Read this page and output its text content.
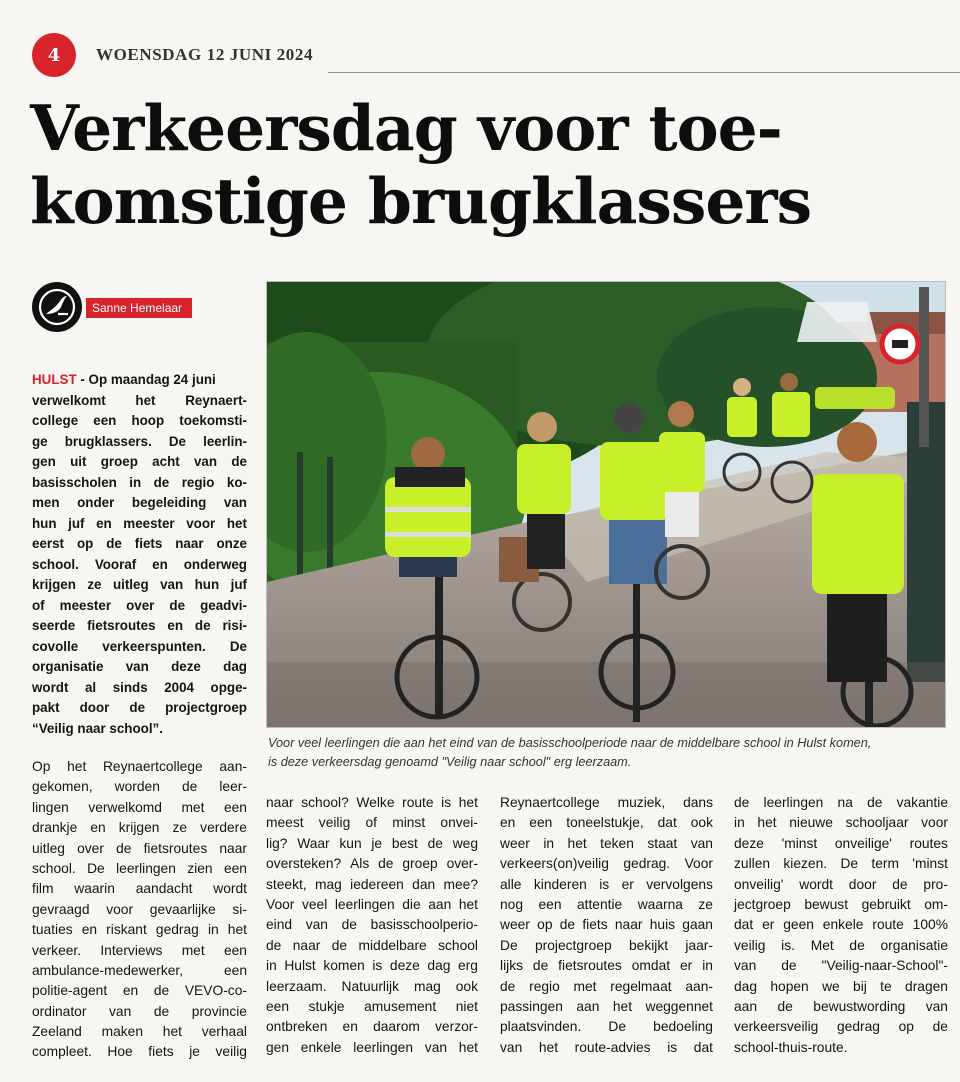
4	WOENSDAG 12 JUNI 2024
Verkeersdag voor toe-
komstige brugklassers
Sanne Hemelaar
Voor veel leerlingen die aan het eind van de basisschoolperiode naar de middelbare school in Hulst komen,
is deze verkeersdag genoamd "Veilig naar school" erg leerzaam.
HULST - Op maandag 24 juni
verwelkomt het Reynaert-
college een hoop toekomsti-
ge brugklassers. De leerlin-
gen uit groep acht van de
basisscholen in de regio ko-
men onder begeleiding van
hun juf en meester voor het
eerst op de fiets naar onze
school. Vooraf en onderweg
krijgen ze uitleg van hun juf
of meester over de geadvi-
seerde fietsroutes en de risi-
covolle verkeerspunten. De
organisatie van deze dag
wordt al sinds 2004 opge-
pakt door de projectgroep
“Veilig naar school”.
Op het Reynaertcollege aan-
gekomen, worden de leer-
lingen verwelkomd met een
drankje en krijgen ze verdere
uitleg over de fietsroutes naar
school. De leerlingen zien een
film waarin aandacht wordt
gevraagd voor gevaarlijke si-
tuaties en riskant gedrag in het
verkeer. Interviews met een
ambulance-medewerker,	een
politie-agent en de VEVO-co-
ordinator van de provincie
Zeeland maken het verhaal
compleet. Hoe fiets je veilig
naar school? Welke route is het
meest veilig of minst onvei-
lig? Waar kun je best de weg
oversteken? Als de groep over-
steekt, mag iedereen dan mee?
Voor veel leerlingen die aan het
eind van de basisschoolperio-
de naar de middelbare school
in Hulst komen is deze dag erg
leerzaam. Natuurlijk mag ook
een stukje amusement niet
ontbreken en daarom verzor-
gen enkele leerlingen van het
Reynaertcollege muziek, dans
en een toneelstukje, dat ook
weer in het teken staat van
verkeers(on)veilig gedrag. Voor
alle kinderen is er vervolgens
nog een attentie waarna ze
weer op de fiets naar huis gaan
De projectgroep bekijkt jaar-
lijks de fietsroutes omdat er in
de regio met regelmaat aan-
passingen aan het weggennet
plaatsvinden. De bedoeling
van het route-advies is dat
de leerlingen na de vakantie
in het nieuwe schooljaar voor
deze 'minst onveilige' routes
zullen kiezen. De term 'minst
onveilig' wordt door de pro-
jectgroep bewust gebruikt om-
dat er geen enkele route 100%
veilig is. Met de organisatie
van de "Veilig-naar-School"-
dag hopen we bij te dragen
aan de bewustwording van
verkeersveilig gedrag op de
school-thuis-route.
